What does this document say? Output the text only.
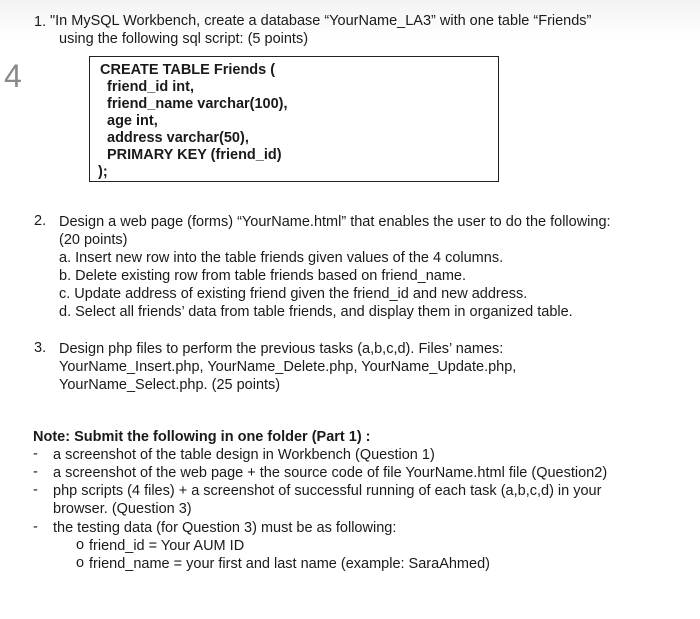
4
1. "In MySQL Workbench, create a database “YourName_LA3” with one table “Friends”
using the following sql script: (5 points)
CREATE TABLE Friends (
friend_id int,
friend_name varchar(100),
age int,
address varchar(50),
PRIMARY KEY (friend_id)
);
2. Design a web page (forms) “YourName.html” that enables the user to do the following:
(20 points)
a. Insert new row into the table friends given values of the 4 columns.
b. Delete existing row from table friends based on friend_name.
c. Update address of existing friend given the friend_id and new address.
d. Select all friends’ data from table friends, and display them in organized table.
3. Design php files to perform the previous tasks (a,b,c,d). Files’ names:
YourName_Insert.php, YourName_Delete.php, YourName_Update.php,
YourName_Select.php. (25 points)
Note: Submit the following in one folder (Part 1) :
- a screenshot of the table design in Workbench (Question 1)
- a screenshot of the web page + the source code of file YourName.html file (Question2)
- php scripts (4 files) + a screenshot of successful running of each task (a,b,c,d) in your
browser. (Question 3)
- the testing data (for Question 3) must be as following:
o friend_id = Your AUM ID
o friend_name = your first and last name (example: SaraAhmed)
